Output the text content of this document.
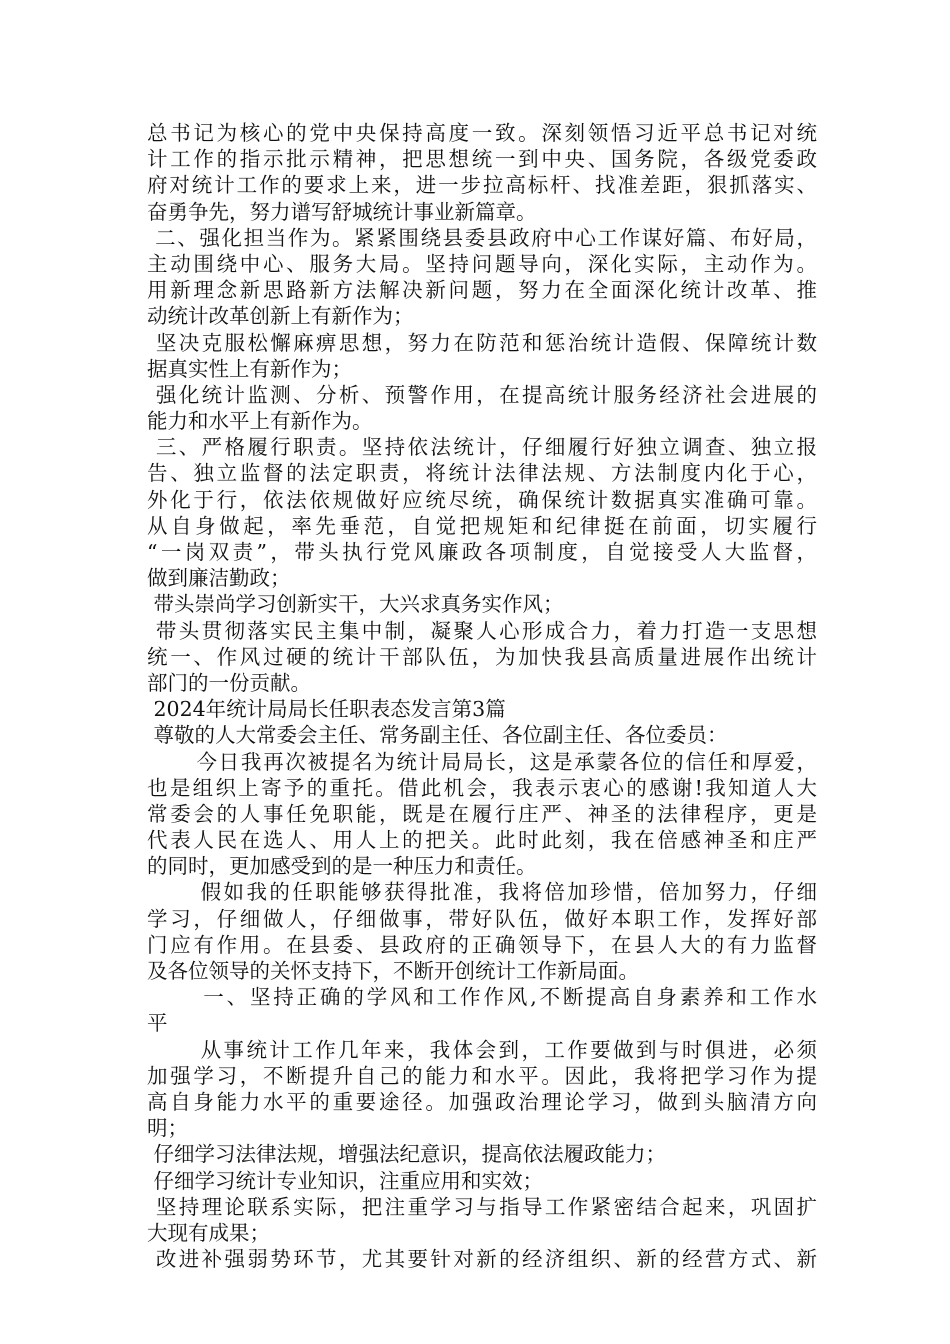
总书记为核心的党中央保持高度一致。深刻领悟习近平总书记对统
计工作的指示批示精神，把思想统一到中央、国务院，各级党委政
府对统计工作的要求上来，进一步拉高标杆、找准差距，狠抓落实、
奋勇争先，努力谱写舒城统计事业新篇章。
二、强化担当作为。紧紧围绕县委县政府中心工作谋好篇、布好局，
主动围绕中心、服务大局。坚持问题导向，深化实际，主动作为。
用新理念新思路新方法解决新问题，努力在全面深化统计改革、推
动统计改革创新上有新作为；
坚决克服松懈麻痹思想，努力在防范和惩治统计造假、保障统计数
据真实性上有新作为；
强化统计监测、分析、预警作用，在提高统计服务经济社会进展的
能力和水平上有新作为。
三、严格履行职责。坚持依法统计，仔细履行好独立调查、独立报
告、独立监督的法定职责，将统计法律法规、方法制度内化于心，
外化于行，依法依规做好应统尽统，确保统计数据真实准确可靠。
从自身做起，率先垂范，自觉把规矩和纪律挺在前面，切实履行
“一岗双责”，带头执行党风廉政各项制度，自觉接受人大监督，
做到廉洁勤政；
带头崇尚学习创新实干，大兴求真务实作风；
带头贯彻落实民主集中制，凝聚人心形成合力，着力打造一支思想
统一、作风过硬的统计干部队伍，为加快我县高质量进展作出统计
部门的一份贡献。
2024年统计局局长任职表态发言第3篇
尊敬的人大常委会主任、常务副主任、各位副主任、各位委员：
今日我再次被提名为统计局局长，这是承蒙各位的信任和厚爱，
也是组织上寄予的重托。借此机会，我表示衷心的感谢!我知道人大
常委会的人事任免职能，既是在履行庄严、神圣的法律程序，更是
代表人民在选人、用人上的把关。此时此刻，我在倍感神圣和庄严
的同时，更加感受到的是一种压力和责任。
假如我的任职能够获得批准，我将倍加珍惜，倍加努力，仔细
学习，仔细做人，仔细做事，带好队伍，做好本职工作，发挥好部
门应有作用。在县委、县政府的正确领导下，在县人大的有力监督
及各位领导的关怀支持下，不断开创统计工作新局面。
一、坚持正确的学风和工作作风,不断提高自身素养和工作水
平
从事统计工作几年来，我体会到，工作要做到与时俱进，必须
加强学习，不断提升自己的能力和水平。因此，我将把学习作为提
高自身能力水平的重要途径。加强政治理论学习，做到头脑清方向
明；
仔细学习法律法规，增强法纪意识，提高依法履政能力；
仔细学习统计专业知识，注重应用和实效；
坚持理论联系实际，把注重学习与指导工作紧密结合起来，巩固扩
大现有成果；
改进补强弱势环节，尤其要针对新的经济组织、新的经营方式、新
